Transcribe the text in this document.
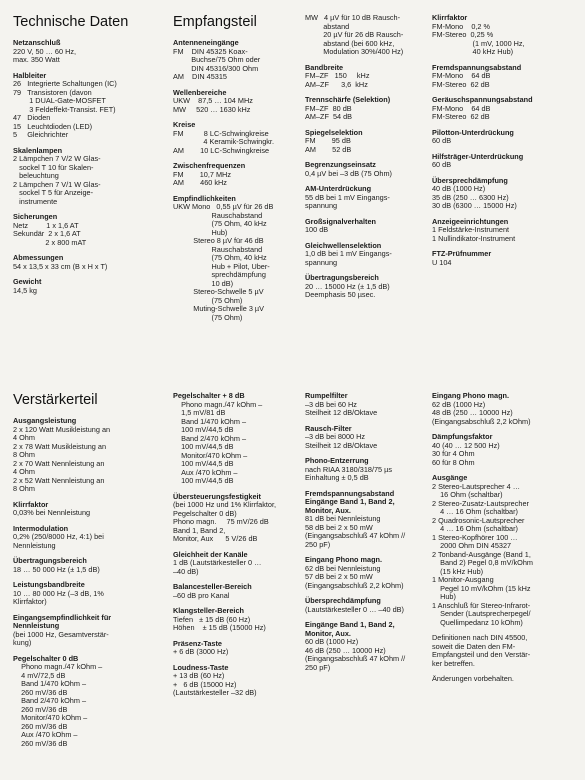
Technische Daten
Netzanschluß
220 V, 50 … 60 Hz,
max. 350 Watt
Halbleiter
26   Integrierte Schaltungen (IC)
79   Transistoren (davon
1 DUAL-Gate-MOSFET
3 Feldeffekt-Transist. FET)
47   Dioden
15   Leuchtdioden (LED)
5     Gleichrichter
Skalenlampen
2 Lämpchen 7 V/2 W Glas-
sockel T 10 für Skalen-
beleuchtung
2 Lämpchen 7 V/1 W Glas-
sockel T 5 für Anzeige-
instrumente
Sicherungen
Netz         1 x 1,6 AT
Sekundär  2 x 1,6 AT
2 x 800 mAT
Abmessungen
54 x 13,5 x 33 cm (B x H x T)
Gewicht
14,5 kg
Empfangsteil
Antenneneingänge
FM    DIN 45325 Koax-
Buchse/75 Ohm oder
DIN 45316/300 Ohm
AM    DIN 45315
Wellenbereiche
UKW    87,5 … 104 MHz
MW     520 … 1630 kHz
Kreise
FM          8 LC-Schwingkreise
4 Keramik-Schwingkr.
AM        10 LC-Schwingkreise
Zwischenfrequenzen
FM        10,7 MHz
AM        460 kHz
Empfindlichkeiten
UKW Mono   0,55 µV für 26 dB
Rauschabstand
(75 Ohm, 40 kHz
Hub)
Stereo 8 µV für 46 dB
Rauschabstand
(75 Ohm, 40 kHz
Hub + Pilot, Uber-
sprechdämpfung
10 dB)
Stereo-Schwelle 5 µV
(75 Ohm)
Muting-Schwelle 3 µV
(75 Ohm)
MW   4 µV für 10 dB Rausch-
abstand
20 µV für 26 dB Rausch-
abstand (bei 600 kHz,
Modulation 30%/400 Hz)
Bandbreite
FM–ZF   150     kHz
AM–ZF      3,6  kHz
Trennschärfe (Selektion)
FM–ZF  80 dB
AM–ZF  54 dB
Spiegelselektion
FM        95 dB
AM        52 dB
Begrenzungseinsatz
0,4 µV bei –3 dB (75 Ohm)
AM-Unterdrückung
55 dB bei 1 mV Eingangs-
spannung
Großsignalverhalten
100 dB
Gleichwellenselektion
1,0 dB bei 1 mV Eingangs-
spannung
Übertragungsbereich
20 … 15000 Hz (± 1,5 dB)
Deemphasis 50 µsec.
Klirrfaktor
FM-Mono    0,2 %
FM-Stereo  0,25 %
(1 mV, 1000 Hz,
40 kHz Hub)
Fremdspannungsabstand
FM-Mono    64 dB
FM-Stereo  62 dB
Geräuschspannungsabstand
FM-Mono    64 dB
FM-Stereo  62 dB
Pilotton-Unterdrückung
60 dB
Hilfsträger-Unterdrückung
60 dB
Übersprechdämpfung
40 dB (1000 Hz)
35 dB (250 … 6300 Hz)
30 dB (6300 … 15000 Hz)
Anzeigeeinrichtungen
1 Feldstärke-Instrument
1 Nullindikator-Instrument
FTZ-Prüfnummer
U 104
Verstärkerteil
Ausgangsleistung
2 x 120 Watt Musikleistung an
4 Ohm
2 x 78 Watt Musikleistung an
8 Ohm
2 x 70 Watt Nennleistung an
4 Ohm
2 x 52 Watt Nennleistung an
8 Ohm
Klirrfaktor
0,03% bei Nennleistung
Intermodulation
0,2% (250/8000 Hz, 4:1) bei
Nennleistung
Übertragungsbereich
18 … 50 000 Hz (± 1,5 dB)
Leistungsbandbreite
10 … 80 000 Hz (–3 dB, 1%
Klirrfaktor)
Eingangsempfindlichkeit für Nennleistung
(bei 1000 Hz, Gesamtverstär-
kung)
Pegelschalter 0 dB
Phono magn./47 kOhm –
4 mV/72,5 dB
Band 1/470 kOhm –
260 mV/36 dB
Band 2/470 kOhm –
260 mV/36 dB
Monitor/470 kOhm –
260 mV/36 dB
Aux /470 kOhm –
260 mV/36 dB
Pegelschalter + 8 dB
Phono magn./47 kOhm –
1,5 mV/81 dB
Band 1/470 kOhm –
100 mV/44,5 dB
Band 2/470 kOhm –
100 mV/44,5 dB
Monitor/470 kOhm –
100 mV/44,5 dB
Aux /470 kOhm –
100 mV/44,5 dB
Übersteuerungsfestigkeit
(bei 1000 Hz und 1% Klirrfaktor,
Pegelschalter 0 dB)
Phono magn.     75 mV/26 dB
Band 1, Band 2,
Monitor, Aux      5 V/26 dB
Gleichheit der Kanäle
1 dB (Lautstärkesteller 0 …
–40 dB)
Balancesteller-Bereich
–60 dB pro Kanal
Klangsteller-Bereich
Tiefen   ± 15 dB (60 Hz)
Höhen    ± 15 dB (15000 Hz)
Präsenz-Taste
+ 6 dB (3000 Hz)
Loudness-Taste
+ 13 dB (60 Hz)
+   6 dB (15000 Hz)
(Lautstärkesteller –32 dB)
Rumpelfilter
–3 dB bei 60 Hz
Steilheit 12 dB/Oktave
Rausch-Filter
–3 dB bei 8000 Hz
Steilheit 12 dB/Oktave
Phono-Entzerrung
nach RIAA 3180/318/75 µs
Einhaltung ± 0,5 dB
Fremdspannungsabstand Eingänge Band 1, Band 2, Monitor, Aux.
81 dB bei Nennleistung
58 dB bei 2 x 50 mW
(Eingangsabschluß 47 kOhm //
250 pF)
Eingang Phono magn.
62 dB bei Nennleistung
57 dB bei 2 x 50 mW
(Eingangsabschluß 2,2 kOhm)
Übersprechdämpfung
(Lautstärkesteller 0 … –40 dB)
Eingänge Band 1, Band 2, Monitor, Aux.
60 dB (1000 Hz)
46 dB (250 … 10000 Hz)
(Eingangsabschluß 47 kOhm //
250 pF)
Eingang Phono magn.
62 dB (1000 Hz)
48 dB (250 … 10000 Hz)
(Eingangsabschluß 2,2 kOhm)
Dämpfungsfaktor
40 (40 … 12 500 Hz)
30 für 4 Ohm
60 für 8 Ohm
Ausgänge
2 Stereo-Lautsprecher 4 …
16 Ohm (schaltbar)
2 Stereo-Zusatz-Lautsprecher
4 … 16 Ohm (schaltbar)
2 Quadrosonic-Lautsprecher
4 … 16 Ohm (schaltbar)
1 Stereo-Kopfhörer 100 …
2000 Ohm DIN 45327
2 Tonband-Ausgänge (Band 1,
Band 2) Pegel 0,8 mV/kOhm
(15 kHz Hub)
1 Monitor-Ausgang
Pegel 10 mV/kOhm (15 kHz
Hub)
1 Anschluß für Stereo-Infrarot-
Sender (Lautsprecherpegel/
Quellimpedanz 10 kOhm)
Definitionen nach DIN 45500,
soweit die Daten den FM-
Empfangsteil und den Verstär-
ker betreffen.
Änderungen vorbehalten.
